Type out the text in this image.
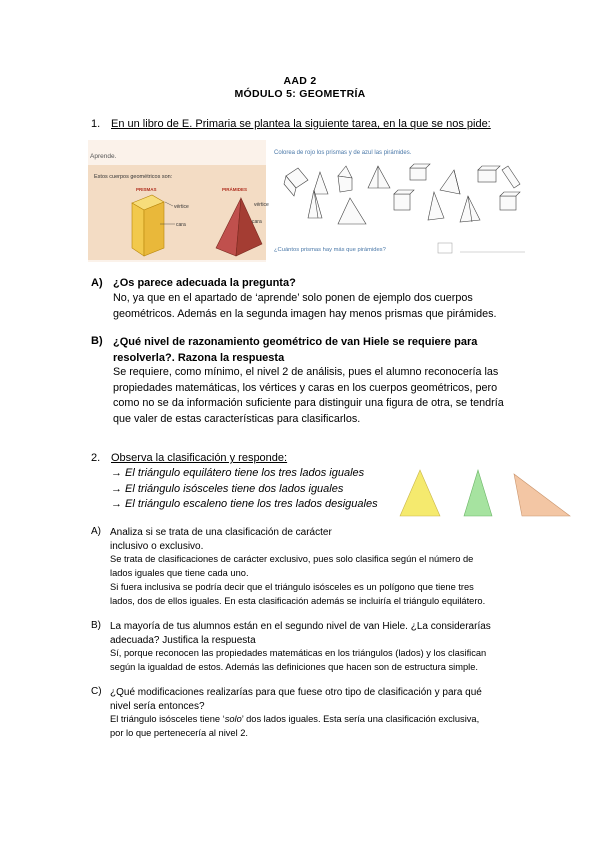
AAD 2
MÓDULO 5: GEOMETRÍA
1. En un libro de E. Primaria se plantea la siguiente tarea, en la que se nos pide:
Aprende.
Estos cuerpos geométricos son:
PRISMAS	PIRÁMIDES
vértice
cara
vértice
cara
Colorea de rojo los prismas y de azul las pirámides.
¿Cuántos prismas hay más que pirámides?
A) ¿Os parece adecuada la pregunta?
No, ya que en el apartado de ‘aprende’ solo ponen de ejemplo dos cuerpos
geométricos. Además en la segunda imagen hay menos prismas que pirámides.
B) ¿Qué nivel de razonamiento geométrico de van Hiele se requiere para
resolverla?. Razona la respuesta
Se requiere, como mínimo, el nivel 2 de análisis, pues el alumno reconocería las
propiedades matemáticas, los vértices y caras en los cuerpos geométricos, pero
como no se da información suficiente para distinguir una figura de otra, se tendría
que valer de estas características para clasificarlos.
2. Observa la clasificación y responde:
→ El triángulo equilátero tiene los tres lados iguales
→ El triángulo isósceles tiene dos lados iguales
→ El triángulo escaleno tiene los tres lados desiguales
A) Analiza si se trata de una clasificación de carácter
inclusivo o exclusivo.
Se trata de clasificaciones de carácter exclusivo, pues solo clasifica según el número de
lados iguales que tiene cada uno.
Si fuera inclusiva se podría decir que el triángulo isósceles es un polígono que tiene tres
lados, dos de ellos iguales. En esta clasificación además se incluiría el triángulo equilátero.
B) La mayoría de tus alumnos están en el segundo nivel de van Hiele. ¿La considerarías
adecuada? Justifica la respuesta
Sí, porque reconocen las propiedades matemáticas en los triángulos (lados) y los clasifican
según la igualdad de estos. Además las definiciones que hacen son de estructura simple.
C) ¿Qué modificaciones realizarías para que fuese otro tipo de clasificación y para qué
nivel sería entonces?
El triángulo isósceles tiene ‘solo’ dos lados iguales. Esta sería una clasificación exclusiva,
por lo que pertenecería al nivel 2.
